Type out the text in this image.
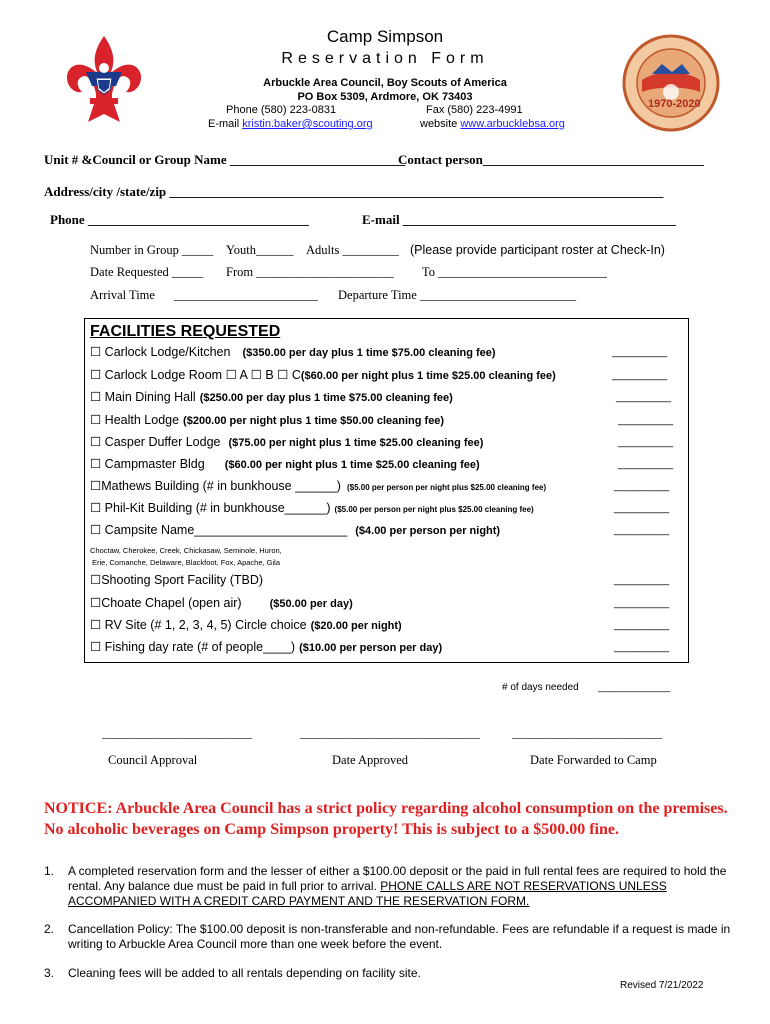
1970-2020
Camp Simpson
Reservation Form
Arbuckle Area Council, Boy Scouts of America
PO Box 5309, Ardmore, OK 73403
Phone (580) 223-0831	Fax (580) 223-4991
E-mail kristin.baker@scouting.org	website www.arbucklebsa.org
Unit # &Council or Group Name ___________________________
Contact person__________________________________
Address/city /state/zip ____________________________________________________________________________
Phone __________________________________	E-mail __________________________________________
Number in Group _____ Youth______ Adults _________ (Please provide participant roster at Check-In)
Date Requested _____ From ______________________ To ___________________________
Arrival Time _______________________ Departure Time _________________________
FACILITIES REQUESTED
☐ Carlock Lodge/Kitchen ($350.00 per day plus 1 time $75.00 cleaning fee)	_________
☐ Carlock Lodge Room ☐ A ☐ B ☐ C($60.00 per night plus 1 time $25.00 cleaning fee)	_________
☐ Main Dining Hall ($250.00 per day plus 1 time $75.00 cleaning fee)	_________
☐ Health Lodge ($200.00 per night plus 1 time $50.00 cleaning fee)	_________
☐ Casper Duffer Lodge ($75.00 per night plus 1 time $25.00 cleaning fee)	_________
☐ Campmaster Bldg ($60.00 per night plus 1 time $25.00 cleaning fee)	_________
☐Mathews Building (# in bunkhouse ______) ($5.00 per person per night plus $25.00 cleaning fee)	_________
☐ Phil-Kit Building (# in bunkhouse______) ($5.00 per person per night plus $25.00 cleaning fee)	_________
☐ Campsite Name______________________ ($4.00 per person per night)	_________
Choctaw, Cherokee, Creek, Chickasaw, Seminole, Huron,
Erie, Comanche, Delaware, Blackfoot, Fox, Apache, Gila
☐Shooting Sport Facility (TBD)	_________
☐Choate Chapel (open air)	($50.00 per day)	_________
☐ RV Site (# 1, 2, 3, 4, 5) Circle choice ($20.00 per night)	_________
☐ Fishing day rate (# of people____) ($10.00 per person per day)	_________
# of days needed _____________
_________________________	______________________________	_________________________
Council Approval	Date Approved	Date Forwarded to Camp
NOTICE: Arbuckle Area Council has a strict policy regarding alcohol consumption on the premises. No alcoholic beverages on Camp Simpson property! This is subject to a $500.00 fine.
1. A completed reservation form and the lesser of either a $100.00 deposit or the paid in full rental fees are required to hold the rental. Any balance due must be paid in full prior to arrival. PHONE CALLS ARE NOT RESERVATIONS UNLESS ACCOMPANIED WITH A CREDIT CARD PAYMENT AND THE RESERVATION FORM.
2. Cancellation Policy: The $100.00 deposit is non-transferable and non-refundable. Fees are refundable if a request is made in writing to Arbuckle Area Council more than one week before the event.
3. Cleaning fees will be added to all rentals depending on facility site.
Revised 7/21/2022
